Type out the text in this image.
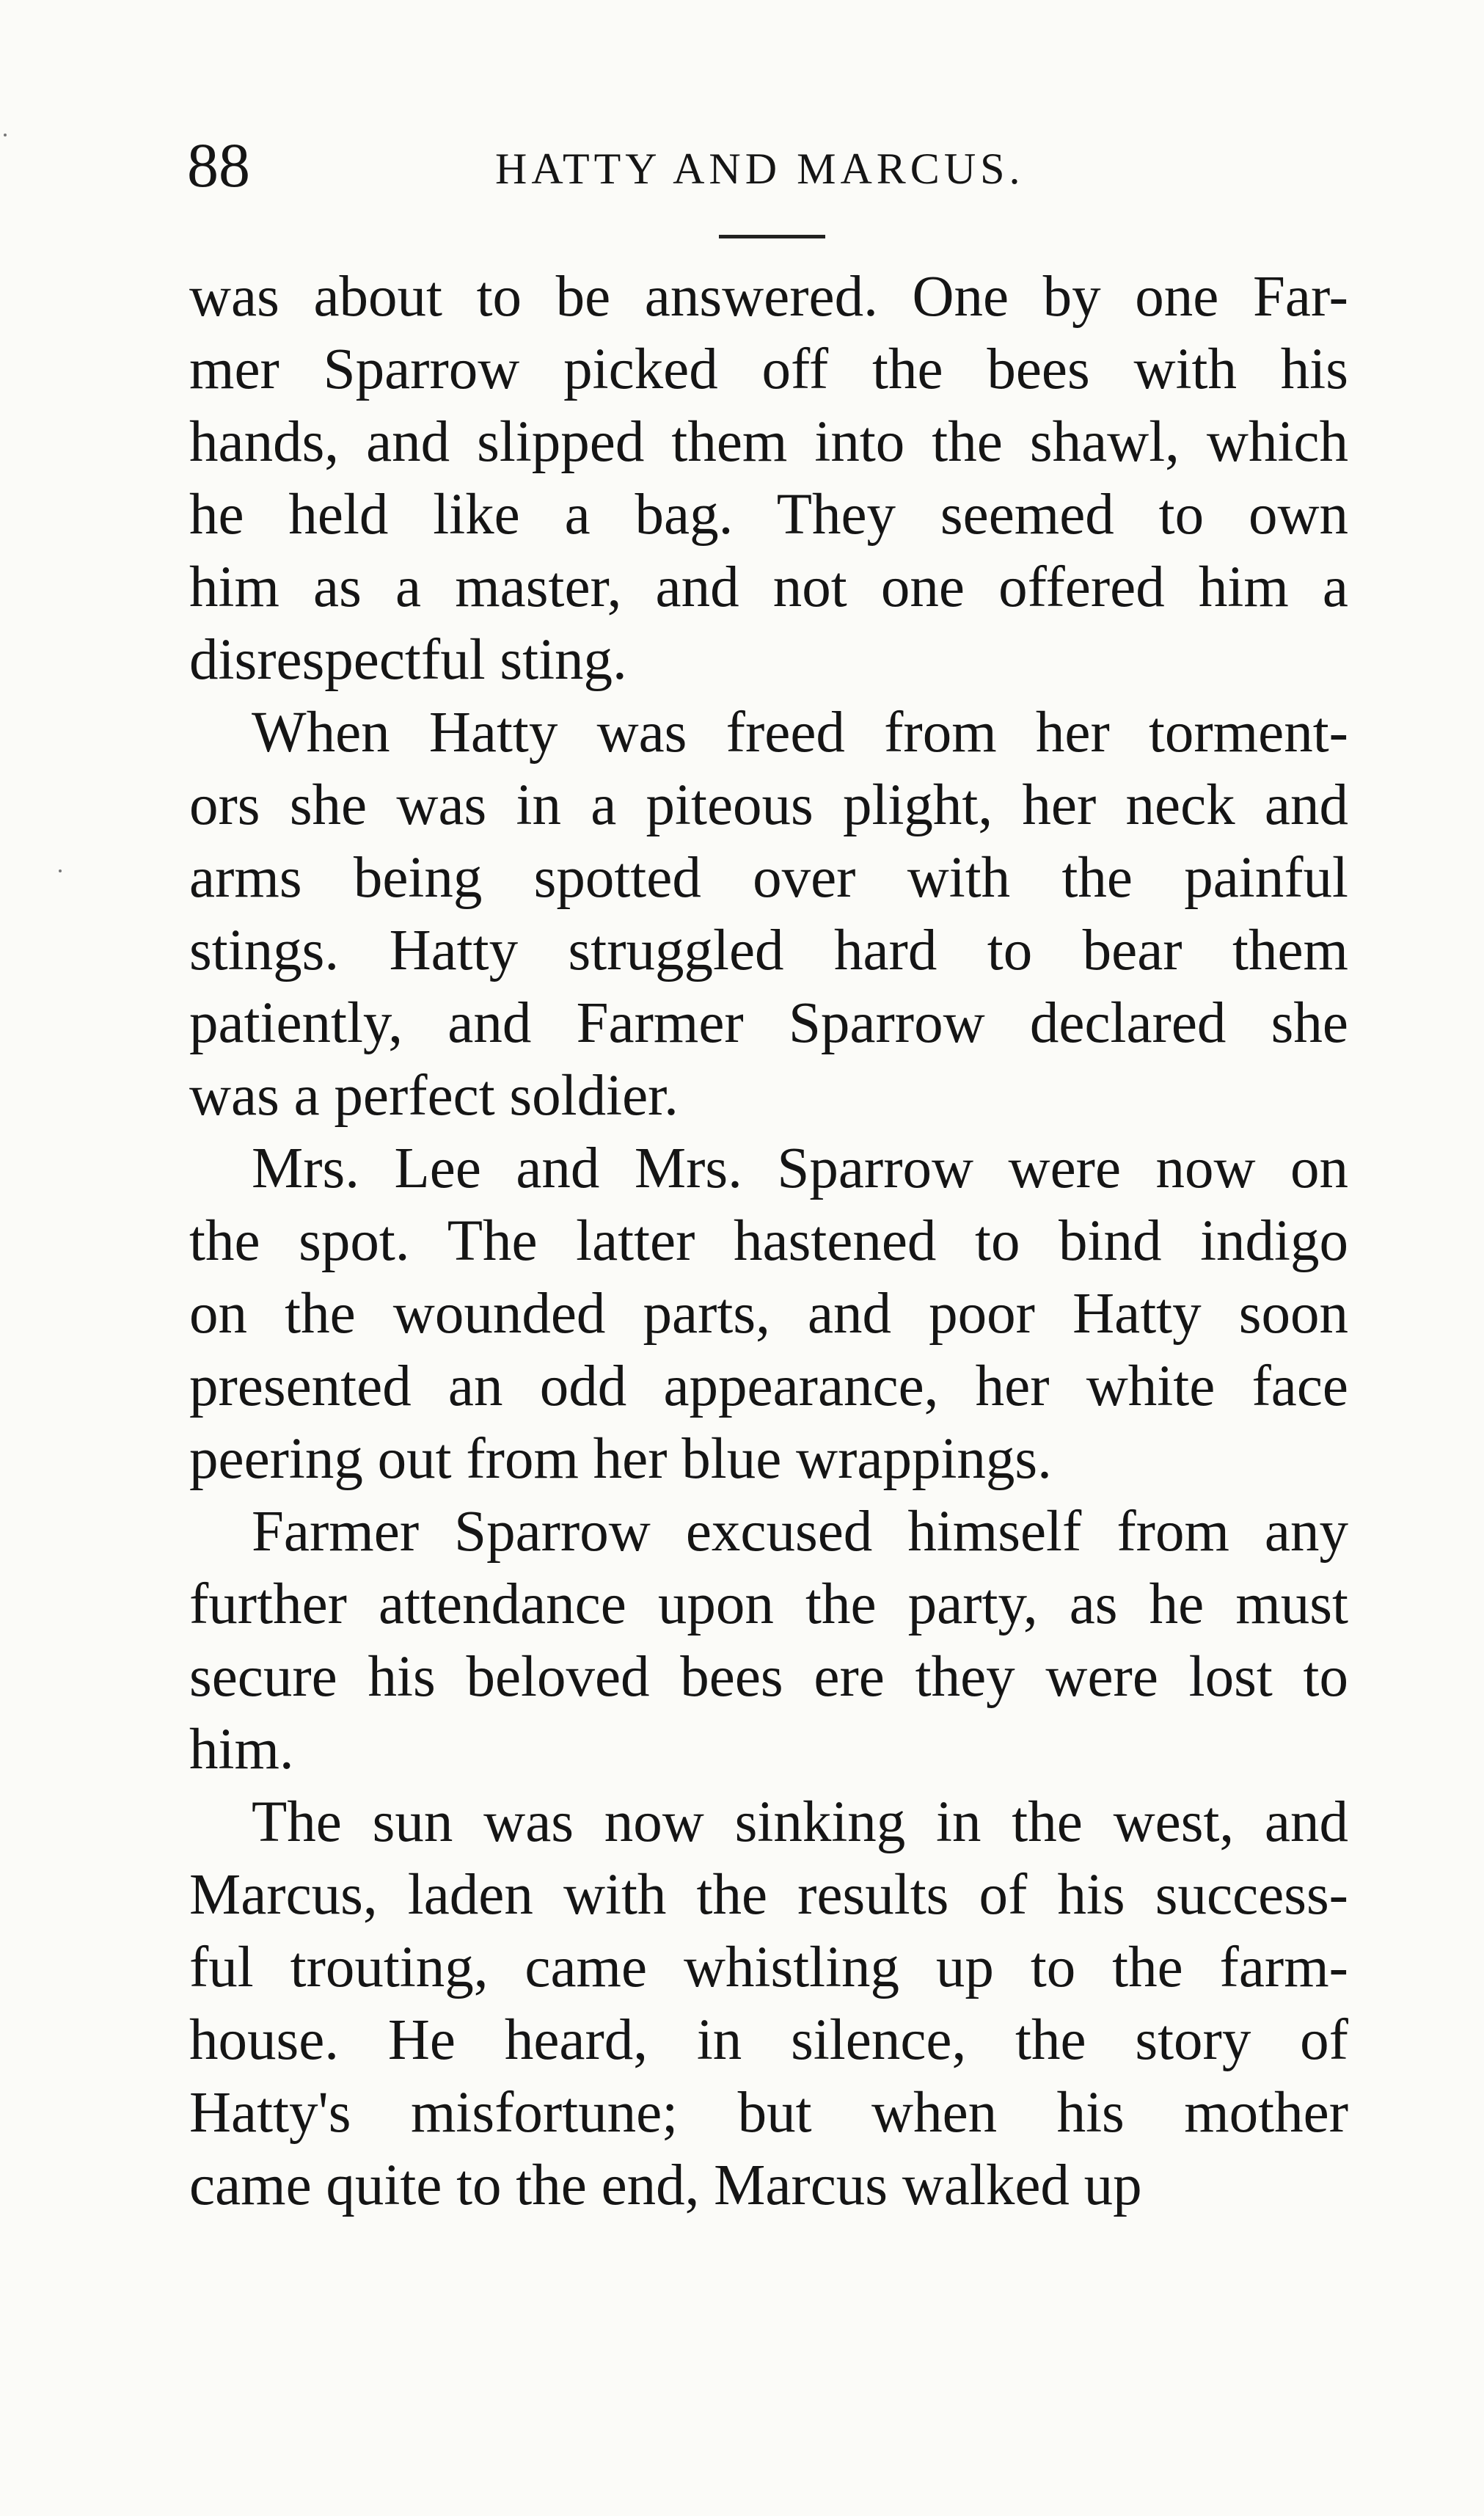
88	HATTY AND MARCUS.

was about to be answered. One by one Far-
mer Sparrow picked off the bees with his
hands, and slipped them into the shawl, which
he held like a bag. They seemed to own
him as a master, and not one offered him a
disrespectful sting.

When Hatty was freed from her torment-
ors she was in a piteous plight, her neck and
arms being spotted over with the painful
stings. Hatty struggled hard to bear them
patiently, and Farmer Sparrow declared she
was a perfect soldier.

Mrs. Lee and Mrs. Sparrow were now on
the spot. The latter hastened to bind indigo
on the wounded parts, and poor Hatty soon
presented an odd appearance, her white face
peering out from her blue wrappings.

Farmer Sparrow excused himself from any
further attendance upon the party, as he must
secure his beloved bees ere they were lost to
him.

The sun was now sinking in the west, and
Marcus, laden with the results of his success-
ful trouting, came whistling up to the farm-
house. He heard, in silence, the story of
Hatty's misfortune; but when his mother
came quite to the end, Marcus walked up
